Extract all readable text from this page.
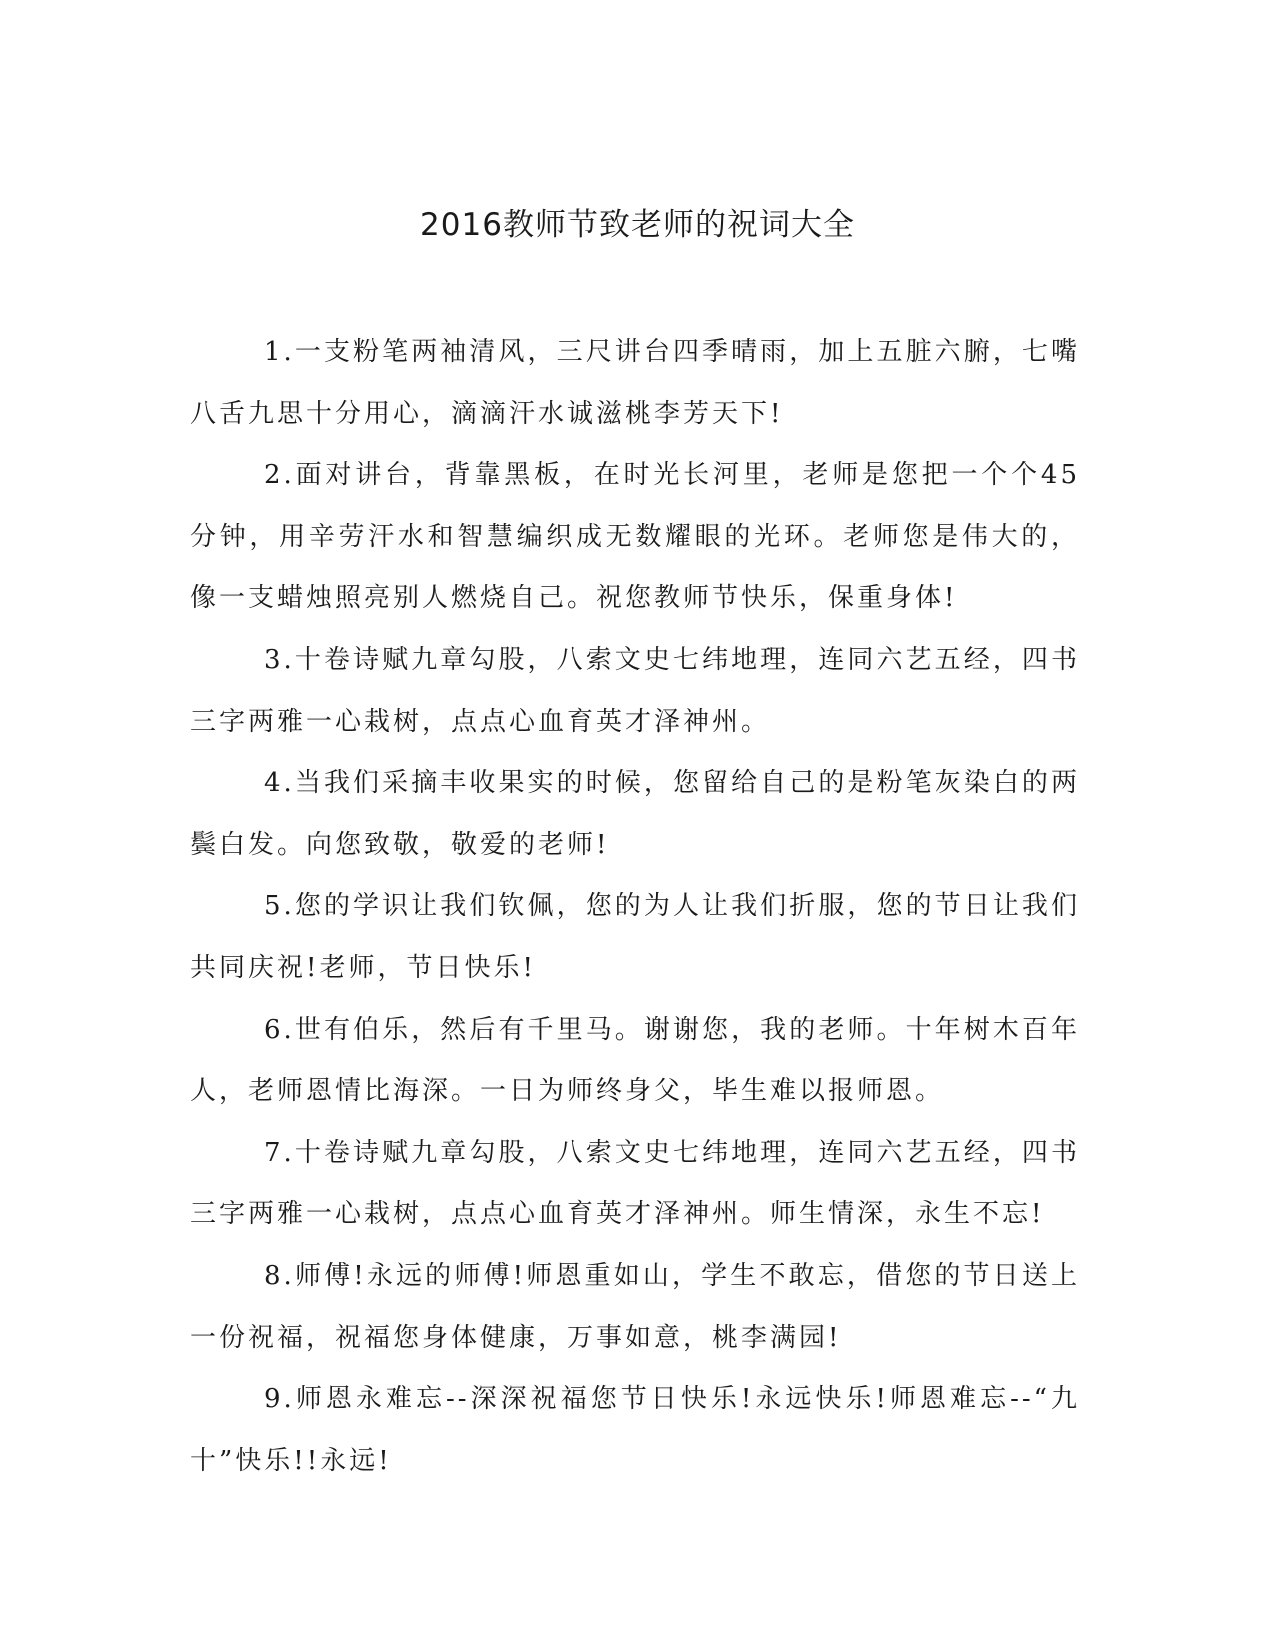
2016教师节致老师的祝词大全

1.一支粉笔两袖清风，三尺讲台四季晴雨，加上五脏六腑，七嘴八舌九思十分用心，滴滴汗水诚滋桃李芳天下!

2.面对讲台，背靠黑板，在时光长河里，老师是您把一个个45分钟，用辛劳汗水和智慧编织成无数耀眼的光环。老师您是伟大的，像一支蜡烛照亮别人燃烧自己。祝您教师节快乐，保重身体!

3.十卷诗赋九章勾股，八索文史七纬地理，连同六艺五经，四书三字两雅一心栽树，点点心血育英才泽神州。

4.当我们采摘丰收果实的时候，您留给自己的是粉笔灰染白的两鬓白发。向您致敬，敬爱的老师!

5.您的学识让我们钦佩，您的为人让我们折服，您的节日让我们共同庆祝!老师，节日快乐!

6.世有伯乐，然后有千里马。谢谢您，我的老师。十年树木百年人，老师恩情比海深。一日为师终身父，毕生难以报师恩。

7.十卷诗赋九章勾股，八索文史七纬地理，连同六艺五经，四书三字两雅一心栽树，点点心血育英才泽神州。师生情深，永生不忘!

8.师傅!永远的师傅!师恩重如山，学生不敢忘，借您的节日送上一份祝福，祝福您身体健康，万事如意，桃李满园!

9.师恩永难忘--深深祝福您节日快乐!永远快乐!师恩难忘--“九十”快乐!!永远!
